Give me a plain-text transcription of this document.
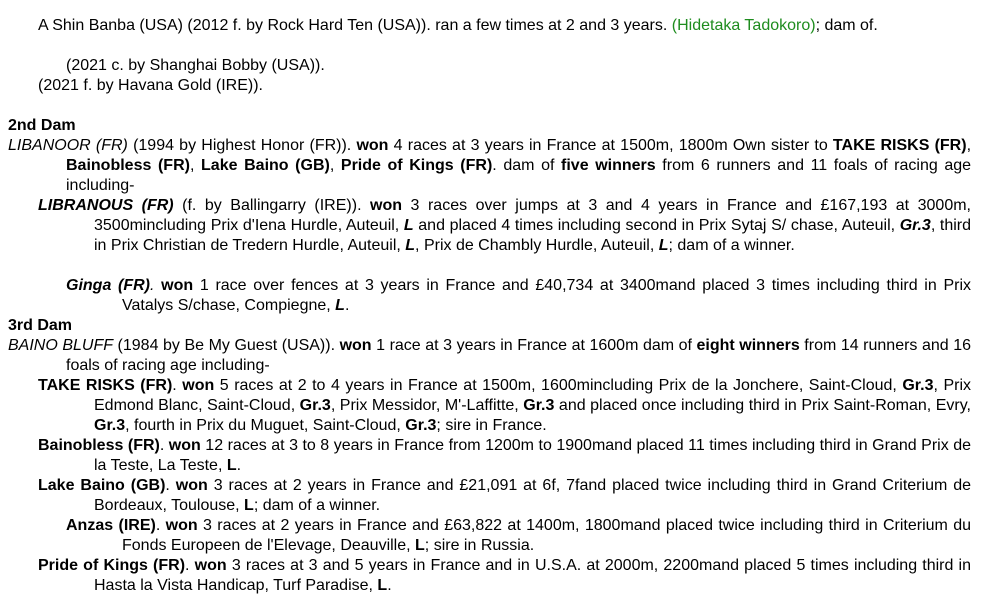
A Shin Banba (USA) (2012 f. by Rock Hard Ten (USA)). ran a few times at 2 and 3 years. (Hidetaka Tadokoro); dam of.

(2021 c. by Shanghai Bobby (USA)).

(2021 f. by Havana Gold (IRE)).

2nd Dam

LIBANOOR (FR) (1994 by Highest Honor (FR)). won 4 races at 3 years in France at 1500m, 1800m Own sister to TAKE RISKS (FR), Bainobless (FR), Lake Baino (GB), Pride of Kings (FR). dam of five winners from 6 runners and 11 foals of racing age including-

LIBRANOUS (FR) (f. by Ballingarry (IRE)). won 3 races over jumps at 3 and 4 years in France and £167,193 at 3000m, 3500mincluding Prix d'Iena Hurdle, Auteuil, L and placed 4 times including second in Prix Sytaj S/ chase, Auteuil, Gr.3, third in Prix Christian de Tredern Hurdle, Auteuil, L, Prix de Chambly Hurdle, Auteuil, L; dam of a winner.

Ginga (FR). won 1 race over fences at 3 years in France and £40,734 at 3400mand placed 3 times including third in Prix Vatalys S/chase, Compiegne, L.

3rd Dam

BAINO BLUFF (1984 by Be My Guest (USA)). won 1 race at 3 years in France at 1600m dam of eight winners from 14 runners and 16 foals of racing age including-

TAKE RISKS (FR). won 5 races at 2 to 4 years in France at 1500m, 1600mincluding Prix de la Jonchere, Saint-Cloud, Gr.3, Prix Edmond Blanc, Saint-Cloud, Gr.3, Prix Messidor, M'-Laffitte, Gr.3 and placed once including third in Prix Saint-Roman, Evry, Gr.3, fourth in Prix du Muguet, Saint-Cloud, Gr.3; sire in France.

Bainobless (FR). won 12 races at 3 to 8 years in France from 1200m to 1900mand placed 11 times including third in Grand Prix de la Teste, La Teste, L.

Lake Baino (GB). won 3 races at 2 years in France and £21,091 at 6f, 7fand placed twice including third in Grand Criterium de Bordeaux, Toulouse, L; dam of a winner.

Anzas (IRE). won 3 races at 2 years in France and £63,822 at 1400m, 1800mand placed twice including third in Criterium du Fonds Europeen de l'Elevage, Deauville, L; sire in Russia.

Pride of Kings (FR). won 3 races at 3 and 5 years in France and in U.S.A. at 2000m, 2200mand placed 5 times including third in Hasta la Vista Handicap, Turf Paradise, L.
